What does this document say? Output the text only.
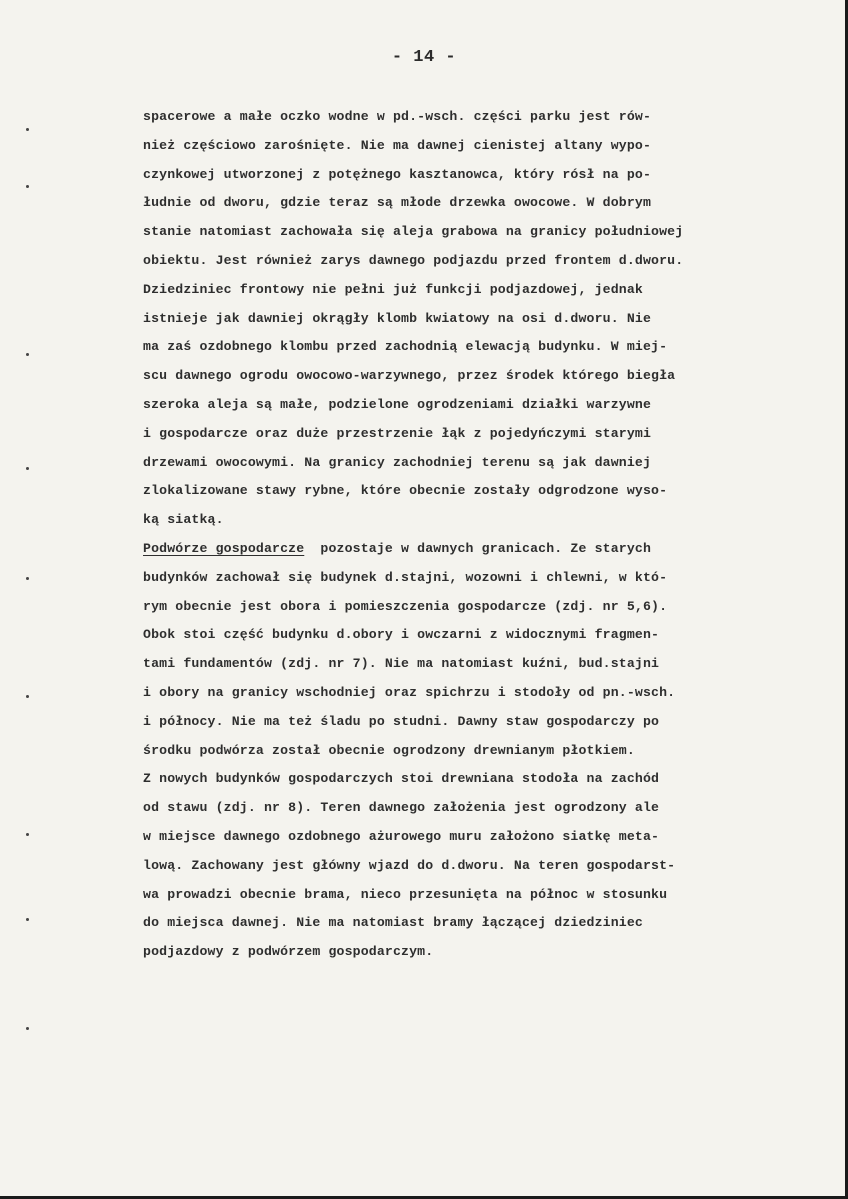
- 14 -
spacerowe a małe oczko wodne w pd.-wsch. części parku jest rów-
nież częściowo zarośnięte. Nie ma dawnej cienistej altany wypo-
czynkowej utworzonej z potężnego kasztanowca, który rósł na po-
łudnie od dworu, gdzie teraz są młode drzewka owocowe. W dobrym
stanie natomiast zachowała się aleja grabowa na granicy południowej
obiektu. Jest również zarys dawnego podjazdu przed frontem d.dworu.
Dziedziniec frontowy nie pełni już funkcji podjazdowej, jednak
istnieje jak dawniej okrągły klomb kwiatowy na osi d.dworu. Nie
ma zaś ozdobnego klombu przed zachodnią elewacją budynku. W miej-
scu dawnego ogrodu owocowo-warzywnego, przez środek którego biegła
szeroka aleja są małe, podzielone ogrodzeniami działki warzywne
i gospodarcze oraz duże przestrzenie łąk z pojedyńczymi starymi
drzewami owocowymi. Na granicy zachodniej terenu są jak dawniej
zlokalizowane stawy rybne, które obecnie zostały odgrodzone wyso-
ką siatką.
Podwórze gospodarcze  pozostaje w dawnych granicach. Ze starych
budynków zachował się budynek d.stajni, wozowni i chlewni, w któ-
rym obecnie jest obora i pomieszczenia gospodarcze (zdj. nr 5,6).
Obok stoi część budynku d.obory i owczarni z widocznymi fragmen-
tami fundamentów (zdj. nr 7). Nie ma natomiast kuźni, bud.stajni
i obory na granicy wschodniej oraz spichrzu i stodoły od pn.-wsch.
i północy. Nie ma też śladu po studni. Dawny staw gospodarczy po
środku podwórza został obecnie ogrodzony drewnianym płotkiem.
Z nowych budynków gospodarczych stoi drewniana stodoła na zachód
od stawu (zdj. nr 8). Teren dawnego założenia jest ogrodzony ale
w miejsce dawnego ozdobnego ażurowego muru założono siatkę meta-
lową. Zachowany jest główny wjazd do d.dworu. Na teren gospodarst-
wa prowadzi obecnie brama, nieco przesunięta na północ w stosunku
do miejsca dawnej. Nie ma natomiast bramy łączącej dziedziniec
podjazdowy z podwórzem gospodarczym.
